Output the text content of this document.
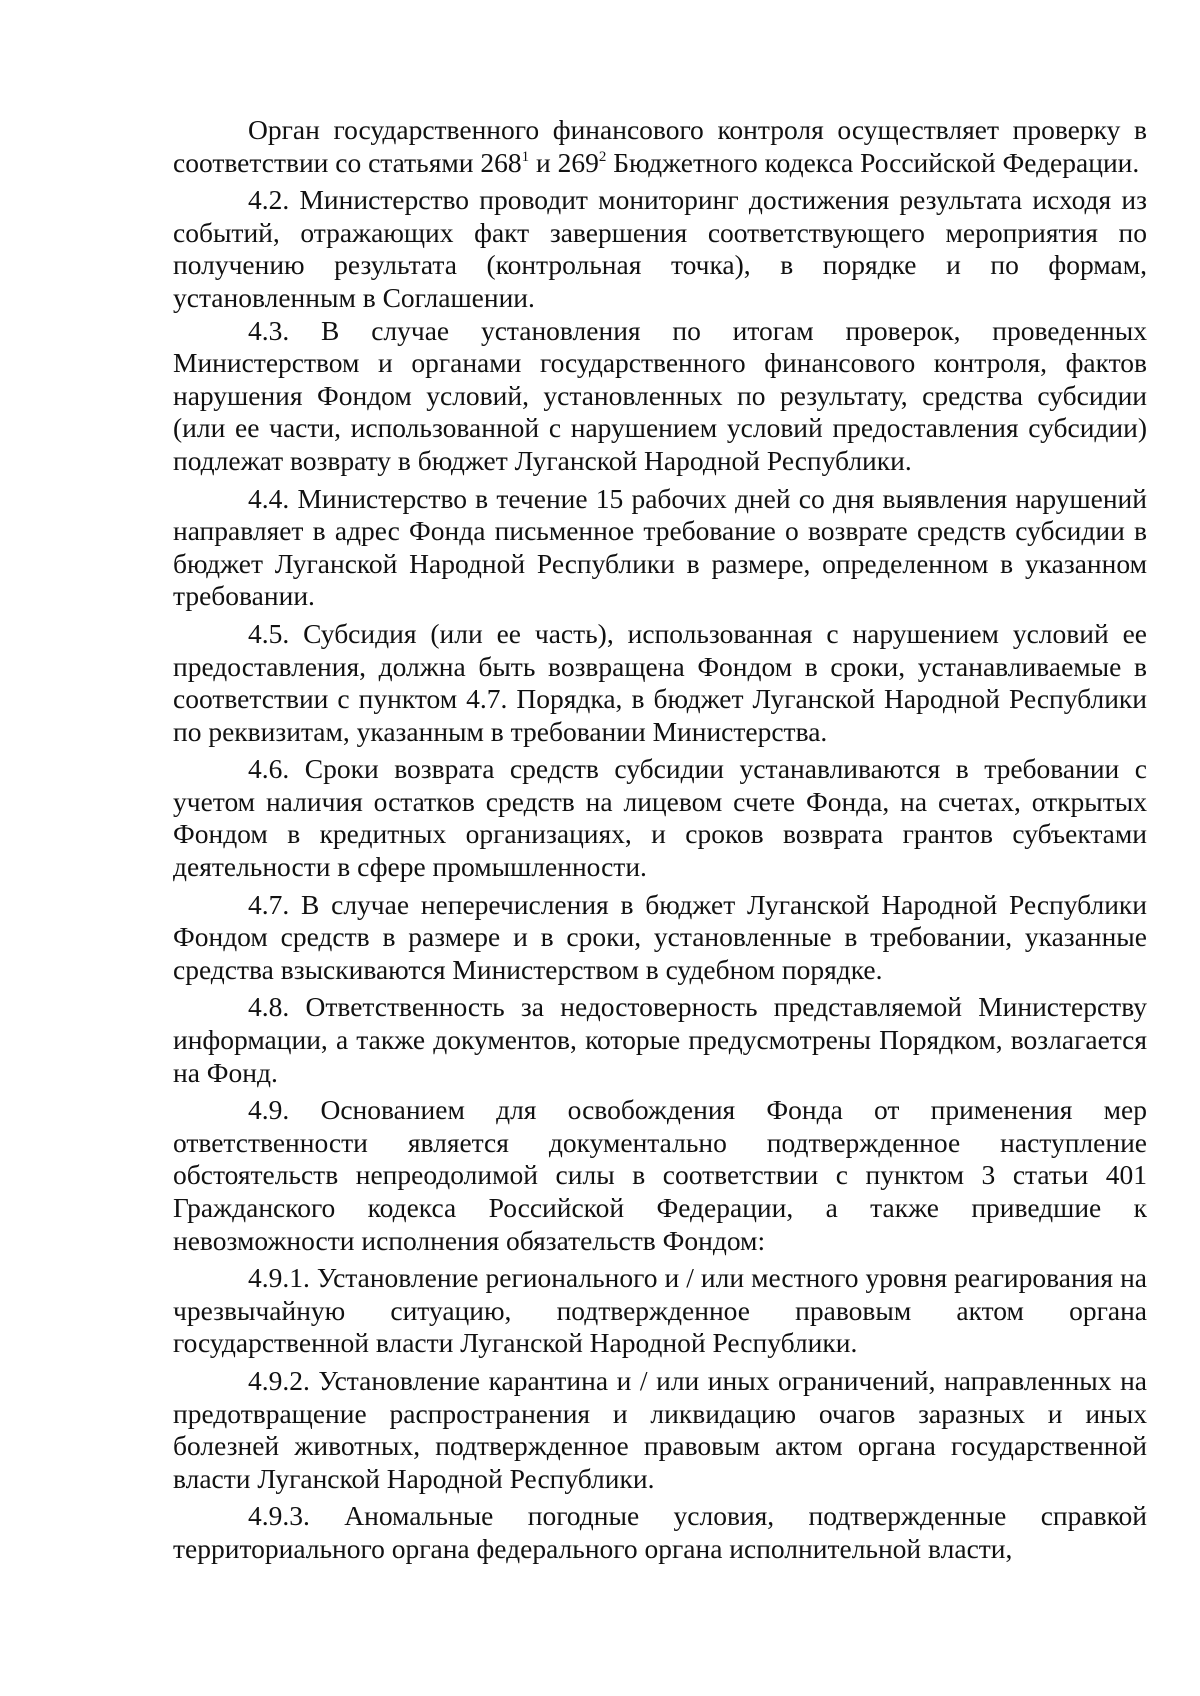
Орган государственного финансового контроля осуществляет проверку в соответствии со статьями $268^1$ и $269^2$ Бюджетного кодекса Российской Федерации.

4.2. Министерство проводит мониторинг достижения результата исходя из событий, отражающих факт завершения соответствующего мероприятия по получению результата (контрольная точка), в порядке и по формам, установленным в Соглашении.

4.3. В случае установления по итогам проверок, проведенных Министерством и органами государственного финансового контроля, фактов нарушения Фондом условий, установленных по результату, средства субсидии (или ее части, использованной с нарушением условий предоставления субсидии) подлежат возврату в бюджет Луганской Народной Республики.

4.4. Министерство в течение 15 рабочих дней со дня выявления нарушений направляет в адрес Фонда письменное требование о возврате средств субсидии в бюджет Луганской Народной Республики в размере, определенном в указанном требовании.

4.5. Субсидия (или ее часть), использованная с нарушением условий ее предоставления, должна быть возвращена Фондом в сроки, устанавливаемые в соответствии с пунктом 4.7. Порядка, в бюджет Луганской Народной Республики по реквизитам, указанным в требовании Министерства.

4.6. Сроки возврата средств субсидии устанавливаются в требовании с учетом наличия остатков средств на лицевом счете Фонда, на счетах, открытых Фондом в кредитных организациях, и сроков возврата грантов субъектами деятельности в сфере промышленности.

4.7. В случае неперечисления в бюджет Луганской Народной Республики Фондом средств в размере и в сроки, установленные в требовании, указанные средства взыскиваются Министерством в судебном порядке.

4.8. Ответственность за недостоверность представляемой Министерству информации, а также документов, которые предусмотрены Порядком, возлагается на Фонд.

4.9. Основанием для освобождения Фонда от применения мер ответственности является документально подтвержденное наступление обстоятельств непреодолимой силы в соответствии с пунктом 3 статьи 401 Гражданского кодекса Российской Федерации, а также приведшие к невозможности исполнения обязательств Фондом:

4.9.1. Установление регионального и / или местного уровня реагирования на чрезвычайную ситуацию, подтвержденное правовым актом органа государственной власти Луганской Народной Республики.

4.9.2. Установление карантина и / или иных ограничений, направленных на предотвращение распространения и ликвидацию очагов заразных и иных болезней животных, подтвержденное правовым актом органа государственной власти Луганской Народной Республики.

4.9.3. Аномальные погодные условия, подтвержденные справкой территориального органа федерального органа исполнительной власти,
